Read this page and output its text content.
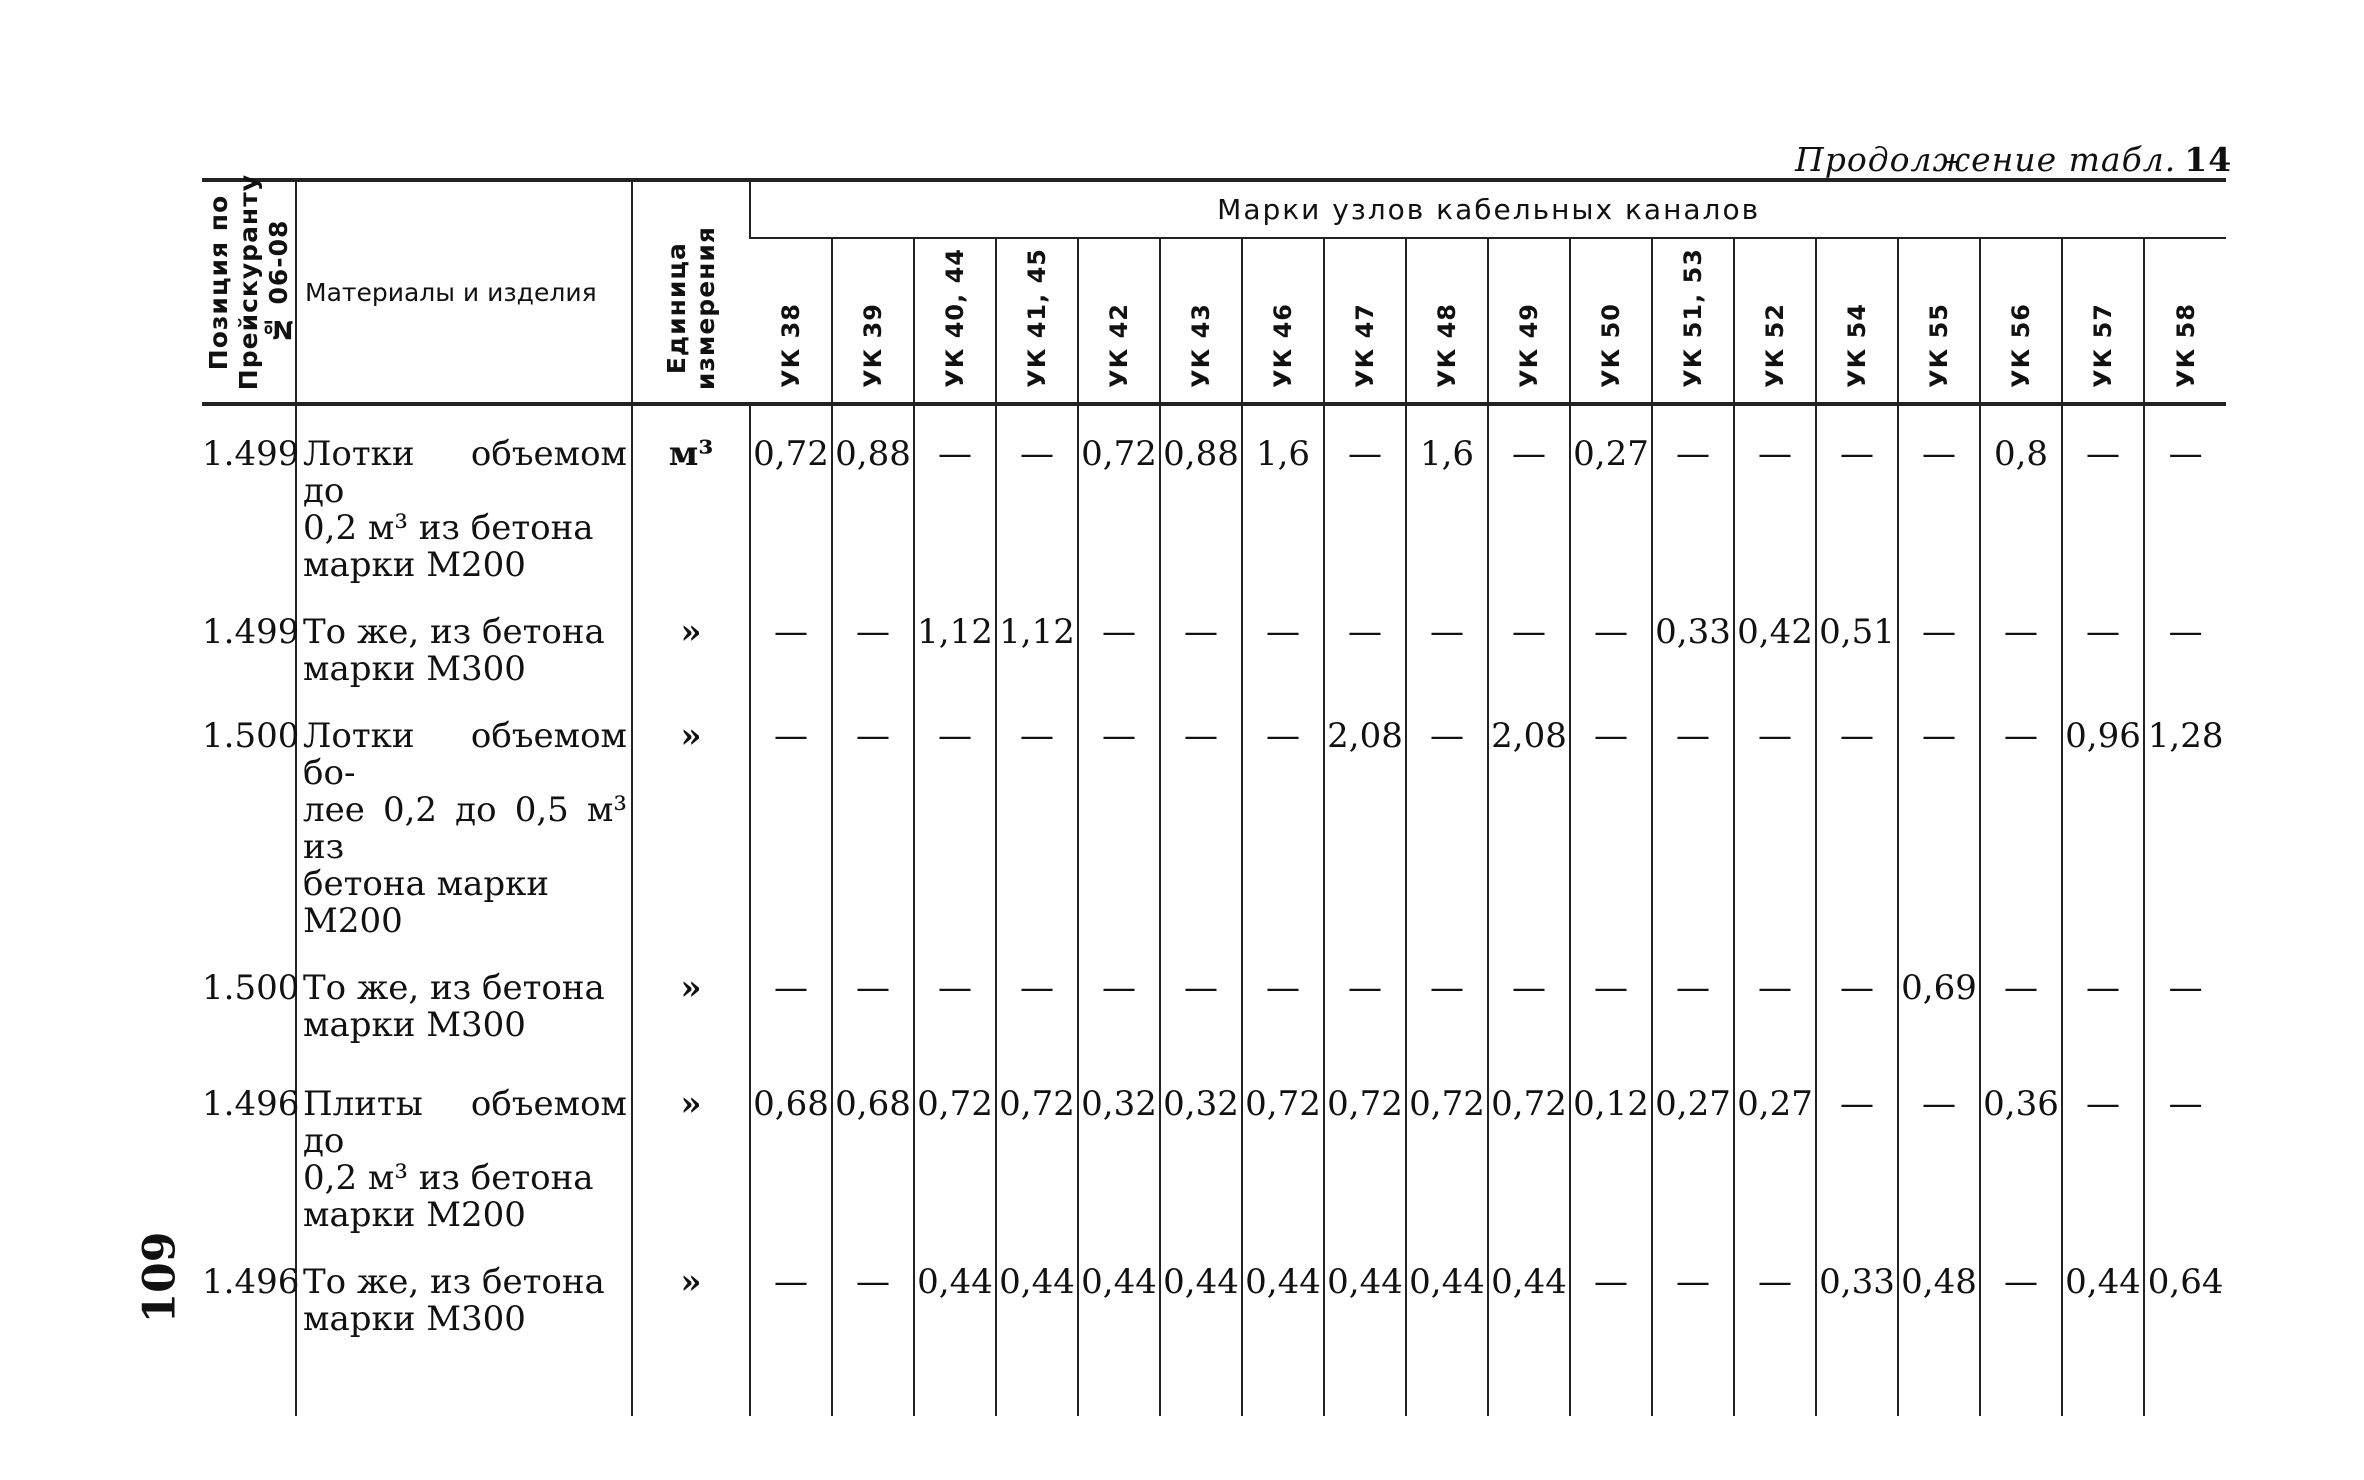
Продолжение табл. 14
109
Позиция по Прейскуранту № 06-08	Материалы и изделия	Единица измерения	Марки узлов кабельных каналов																	

			УК 38	УК 39	УК 40, 44	УК 41, 45	УК 42	УК 43	УК 46	УК 47	УК 48	УК 49	УК 50	УК 51, 53	УК 52	УК 54	УК 55	УК 56	УК 57	УК 58

1.499	Лотки объемом до
0,2 м³ из бетона
марки М200	м³	0,72	0,88	—	—	0,72	0,88	1,6	—	1,6	—	0,27	—	—	—	—	0,8	—	—
1.499	То же, из бетона
марки М300	»	—	—	1,12	1,12	—	—	—	—	—	—	—	0,33	0,42	0,51	—	—	—	—
1.500	Лотки объемом бо-
лее 0,2 до 0,5 м³ из
бетона марки
М200	»	—	—	—	—	—	—	—	2,08	—	2,08	—	—	—	—	—	—	0,96	1,28
1.500	То же, из бетона
марки М300	»	—	—	—	—	—	—	—	—	—	—	—	—	—	—	0,69	—	—	—
1.496	Плиты объемом до
0,2 м³ из бетона
марки М200	»	0,68	0,68	0,72	0,72	0,32	0,32	0,72	0,72	0,72	0,72	0,12	0,27	0,27	—	—	0,36	—	—
1.496	То же, из бетона
марки М300	»	—	—	0,44	0,44	0,44	0,44	0,44	0,44	0,44	0,44	—	—	—	0,33	0,48	—	0,44	0,64
